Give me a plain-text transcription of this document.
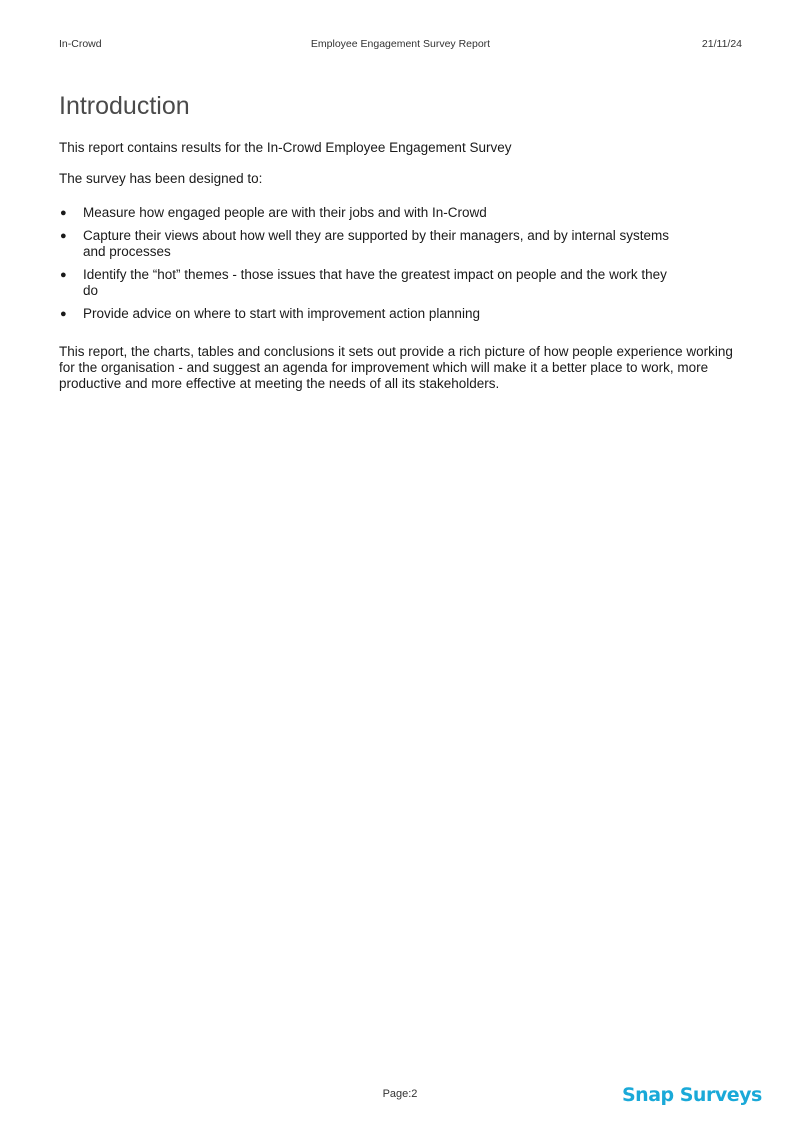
In-Crowd	Employee Engagement Survey Report	21/11/24
Introduction

This report contains results for the In-Crowd Employee Engagement Survey

The survey has been designed to:

● Measure how engaged people are with their jobs and with In-Crowd
● Capture their views about how well they are supported by their managers, and by internal systems and processes
● Identify the “hot” themes - those issues that have the greatest impact on people and the work they do
● Provide advice on where to start with improvement action planning

This report, the charts, tables and conclusions it sets out provide a rich picture of how people experience working for the organisation - and suggest an agenda for improvement which will make it a better place to work, more productive and more effective at meeting the needs of all its stakeholders.

Page:2	Snap Surveys
